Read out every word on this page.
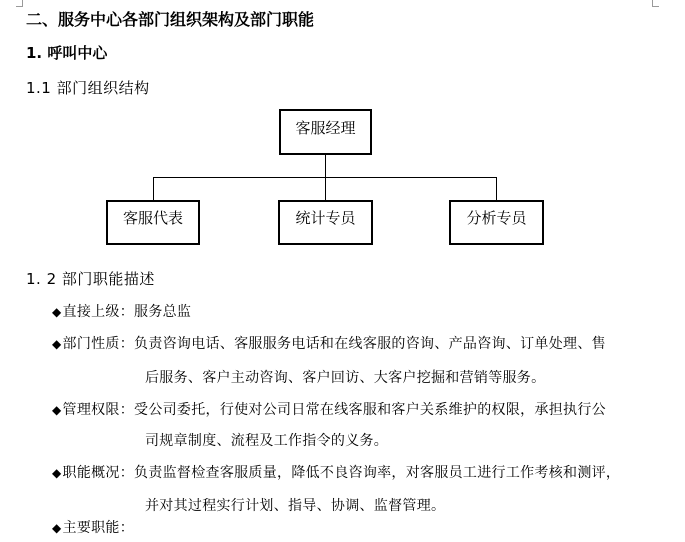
二、服务中心各部门组织架构及部门职能
1. 呼叫中心
1.1 部门组织结构
客服经理
客服代表	统计专员	分析专员
1. 2 部门职能描述
◆直接上级：服务总监
◆部门性质：负责咨询电话、客服服务电话和在线客服的咨询、产品咨询、订单处理、售
后服务、客户主动咨询、客户回访、大客户挖掘和营销等服务。
◆管理权限：受公司委托，行使对公司日常在线客服和客户关系维护的权限，承担执行公
司规章制度、流程及工作指令的义务。
◆职能概况：负责监督检查客服质量，降低不良咨询率，对客服员工进行工作考核和测评，
并对其过程实行计划、指导、协调、监督管理。
◆主要职能：
